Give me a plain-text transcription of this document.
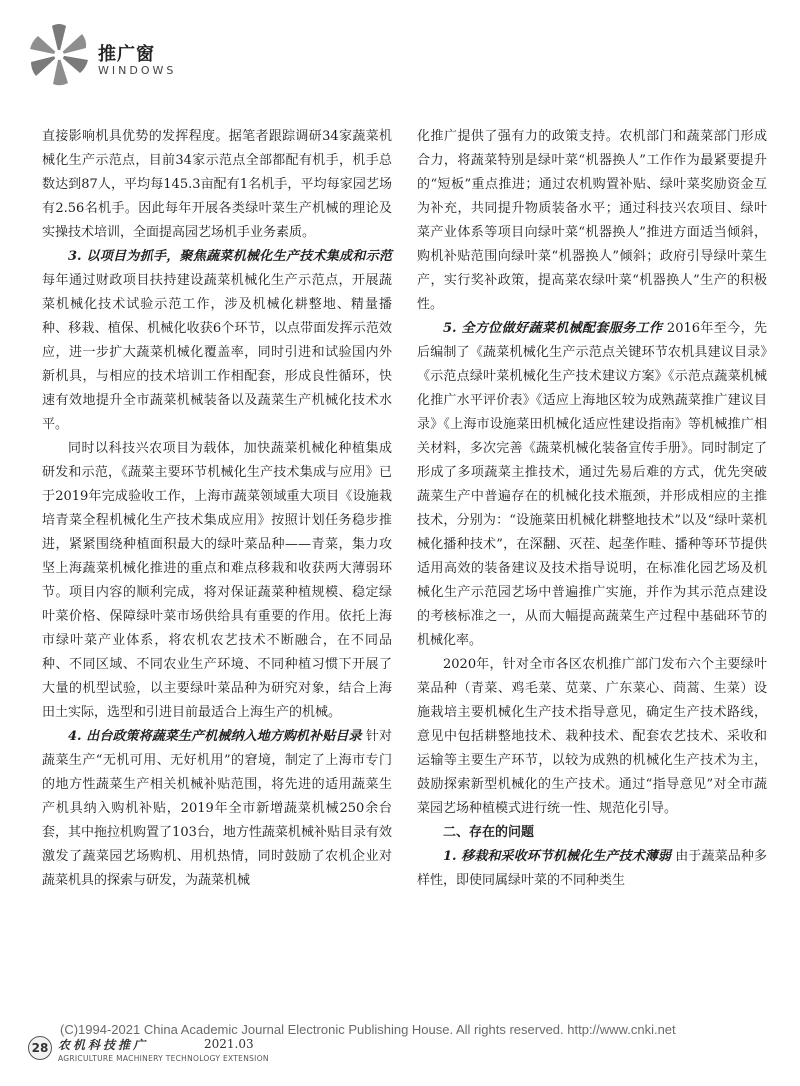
推广窗
WINDOWS

直接影响机具优势的发挥程度。据笔者跟踪调研34家蔬菜机械化生产示范点，目前34家示范点全部都配有机手，机手总数达到87人，平均每145.3亩配有1名机手，平均每家园艺场有2.56名机手。因此每年开展各类绿叶菜生产机械的理论及实操技术培训，全面提高园艺场机手业务素质。

3. 以项目为抓手，聚焦蔬菜机械化生产技术集成和示范 每年通过财政项目扶持建设蔬菜机械化生产示范点，开展蔬菜机械化技术试验示范工作，涉及机械化耕整地、精量播种、移栽、植保、机械化收获6个环节，以点带面发挥示范效应，进一步扩大蔬菜机械化覆盖率，同时引进和试验国内外新机具，与相应的技术培训工作相配套，形成良性循环，快速有效地提升全市蔬菜机械装备以及蔬菜生产机械化技术水平。

同时以科技兴农项目为载体，加快蔬菜机械化种植集成研发和示范，《蔬菜主要环节机械化生产技术集成与应用》已于2019年完成验收工作，上海市蔬菜领域重大项目《设施栽培青菜全程机械化生产技术集成应用》按照计划任务稳步推进，紧紧围绕种植面积最大的绿叶菜品种——青菜，集力攻坚上海蔬菜机械化推进的重点和难点移栽和收获两大薄弱环节。项目内容的顺利完成，将对保证蔬菜种植规模、稳定绿叶菜价格、保障绿叶菜市场供给具有重要的作用。依托上海市绿叶菜产业体系，将农机农艺技术不断融合，在不同品种、不同区域、不同农业生产环境、不同种植习惯下开展了大量的机型试验，以主要绿叶菜品种为研究对象，结合上海田土实际，选型和引进目前最适合上海生产的机械。

4. 出台政策将蔬菜生产机械纳入地方购机补贴目录 针对蔬菜生产“无机可用、无好机用”的窘境，制定了上海市专门的地方性蔬菜生产相关机械补贴范围，将先进的适用蔬菜生产机具纳入购机补贴，2019年全市新增蔬菜机械250余台套，其中拖拉机购置了103台，地方性蔬菜机械补贴目录有效激发了蔬菜园艺场购机、用机热情，同时鼓励了农机企业对蔬菜机具的探索与研发，为蔬菜机械

化推广提供了强有力的政策支持。农机部门和蔬菜部门形成合力，将蔬菜特别是绿叶菜“机器换人”工作作为最紧要提升的“短板”重点推进；通过农机购置补贴、绿叶菜奖励资金互为补充，共同提升物质装备水平；通过科技兴农项目、绿叶菜产业体系等项目向绿叶菜“机器换人”推进方面适当倾斜，购机补贴范围向绿叶菜“机器换人”倾斜；政府引导绿叶菜生产，实行奖补政策，提高菜农绿叶菜“机器换人”生产的积极性。

5. 全方位做好蔬菜机械配套服务工作 2016年至今，先后编制了《蔬菜机械化生产示范点关键环节农机具建议目录》《示范点绿叶菜机械化生产技术建议方案》《示范点蔬菜机械化推广水平评价表》《适应上海地区较为成熟蔬菜推广建议目录》《上海市设施菜田机械化适应性建设指南》等机械推广相关材料，多次完善《蔬菜机械化装备宣传手册》。同时制定了形成了多项蔬菜主推技术，通过先易后难的方式，优先突破蔬菜生产中普遍存在的机械化技术瓶颈，并形成相应的主推技术，分别为：“设施菜田机械化耕整地技术”以及“绿叶菜机械化播种技术”，在深翻、灭茬、起垄作畦、播种等环节提供适用高效的装备建议及技术指导说明，在标准化园艺场及机械化生产示范园艺场中普遍推广实施，并作为其示范点建设的考核标准之一，从而大幅提高蔬菜生产过程中基础环节的机械化率。

2020年，针对全市各区农机推广部门发布六个主要绿叶菜品种（青菜、鸡毛菜、苋菜、广东菜心、茼蒿、生菜）设施栽培主要机械化生产技术指导意见，确定生产技术路线，意见中包括耕整地技术、栽种技术、配套农艺技术、采收和运输等主要生产环节，以较为成熟的机械化生产技术为主，鼓励探索新型机械化的生产技术。通过“指导意见”对全市蔬菜园艺场种植模式进行统一性、规范化引导。

二、存在的问题

1. 移栽和采收环节机械化生产技术薄弱 由于蔬菜品种多样性，即使同属绿叶菜的不同种类生

(C)1994-2021 China Academic Journal Electronic Publishing House. All rights reserved. http://www.cnki.net
28 农机科技推广	2021.03
AGRICULTURE MACHINERY TECHNOLOGY EXTENSION
